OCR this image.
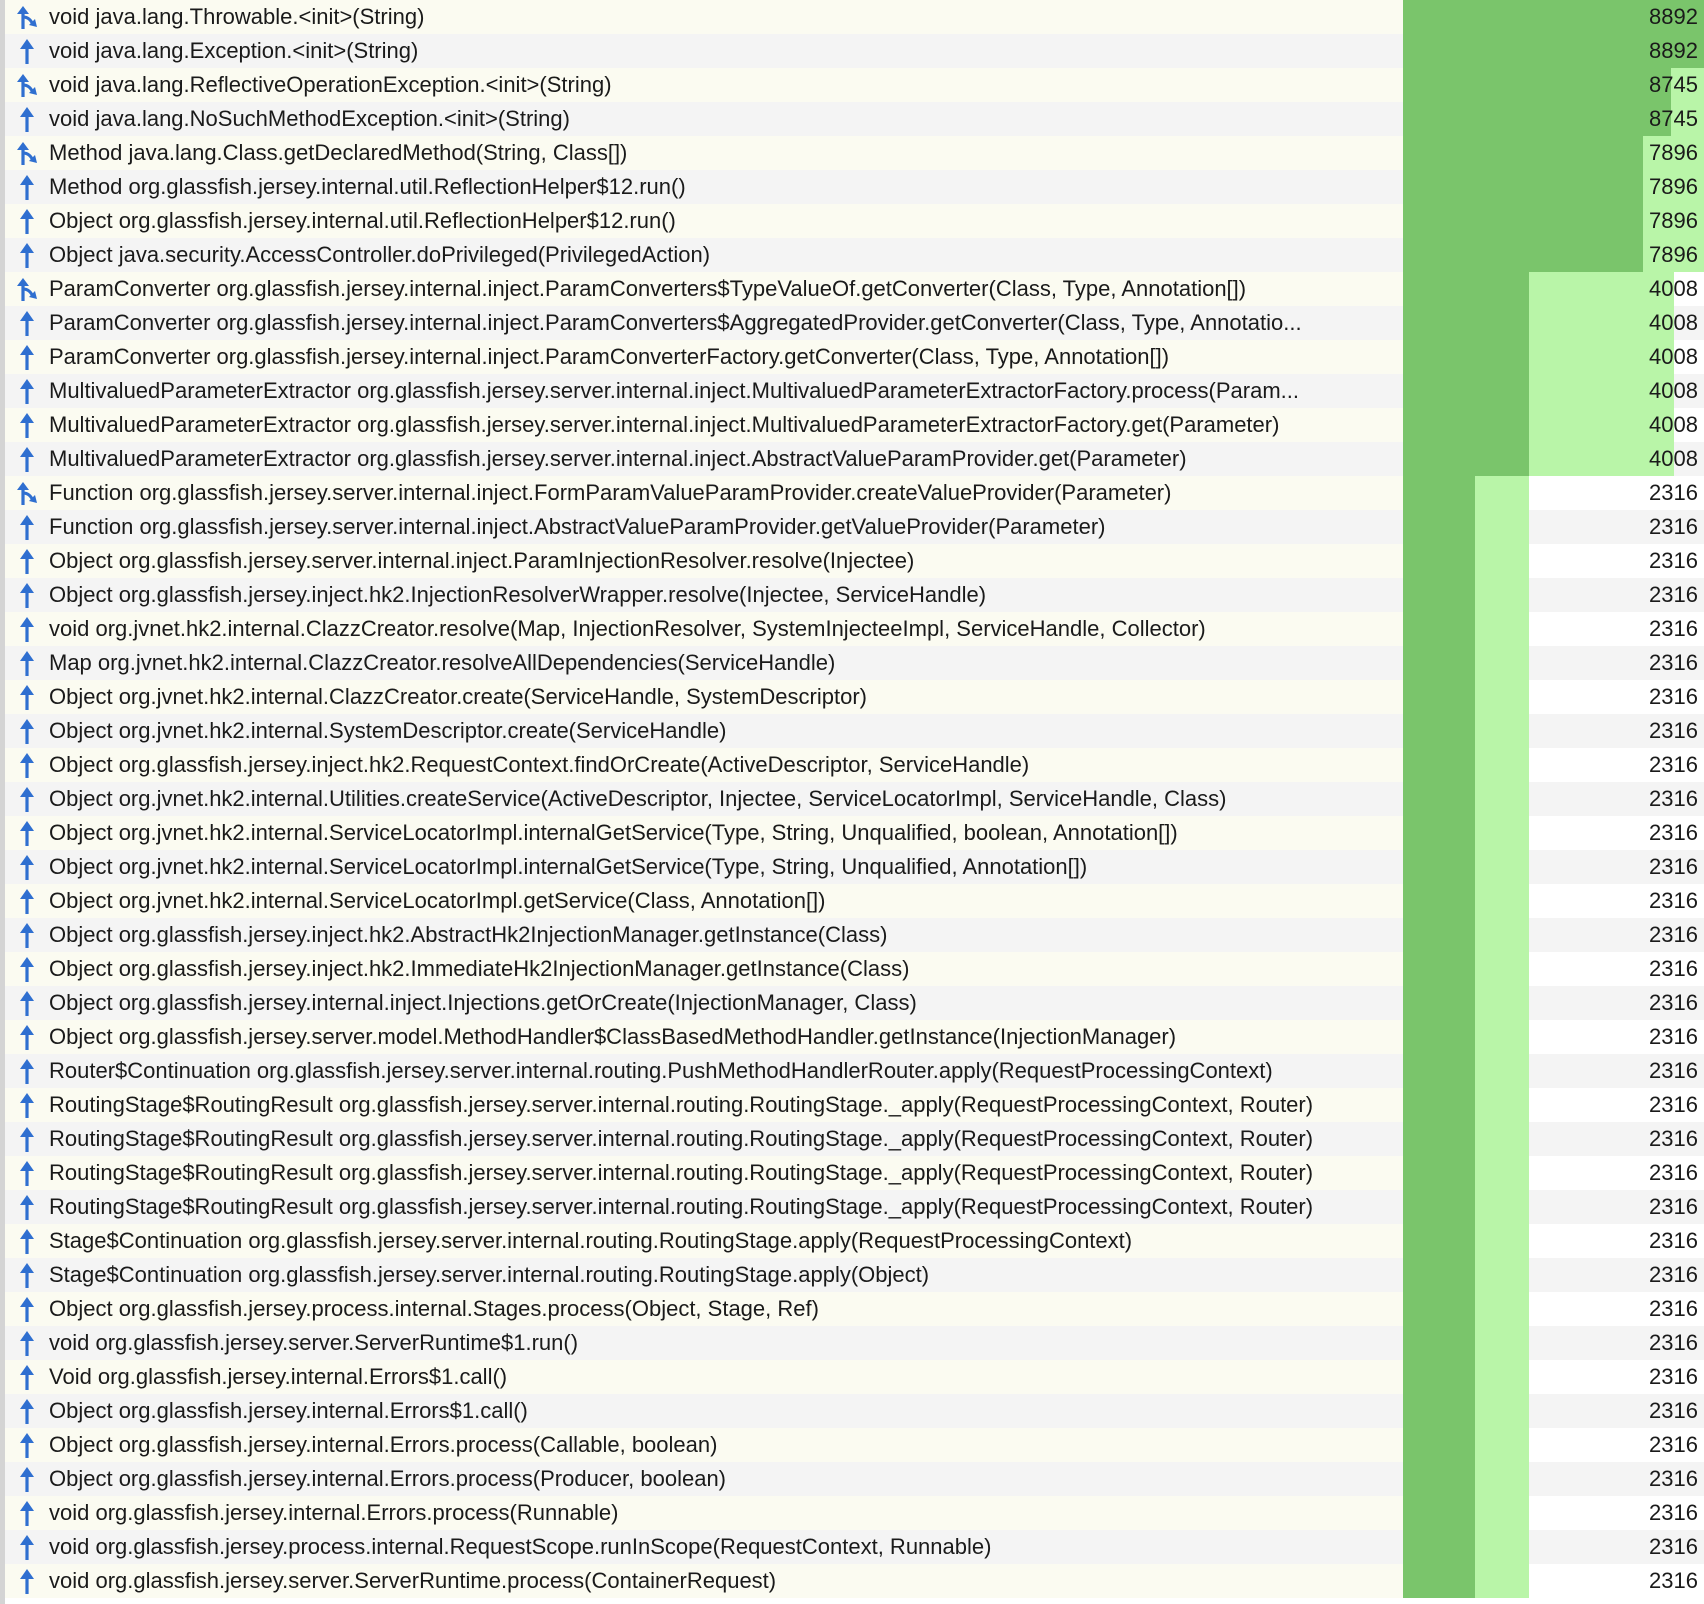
void java.lang.Throwable.<init>(String)	8892
void java.lang.Exception.<init>(String)	8892
void java.lang.ReflectiveOperationException.<init>(String)	8745
void java.lang.NoSuchMethodException.<init>(String)	8745
Method java.lang.Class.getDeclaredMethod(String, Class[])	7896
Method org.glassfish.jersey.internal.util.ReflectionHelper$12.run()	7896
Object org.glassfish.jersey.internal.util.ReflectionHelper$12.run()	7896
Object java.security.AccessController.doPrivileged(PrivilegedAction)	7896
ParamConverter org.glassfish.jersey.internal.inject.ParamConverters$TypeValueOf.getConverter(Class, Type, Annotation[])	4008
ParamConverter org.glassfish.jersey.internal.inject.ParamConverters$AggregatedProvider.getConverter(Class, Type, Annotatio...	4008
ParamConverter org.glassfish.jersey.internal.inject.ParamConverterFactory.getConverter(Class, Type, Annotation[])	4008
MultivaluedParameterExtractor org.glassfish.jersey.server.internal.inject.MultivaluedParameterExtractorFactory.process(Param...	4008
MultivaluedParameterExtractor org.glassfish.jersey.server.internal.inject.MultivaluedParameterExtractorFactory.get(Parameter)	4008
MultivaluedParameterExtractor org.glassfish.jersey.server.internal.inject.AbstractValueParamProvider.get(Parameter)	4008
Function org.glassfish.jersey.server.internal.inject.FormParamValueParamProvider.createValueProvider(Parameter)	2316
Function org.glassfish.jersey.server.internal.inject.AbstractValueParamProvider.getValueProvider(Parameter)	2316
Object org.glassfish.jersey.server.internal.inject.ParamInjectionResolver.resolve(Injectee)	2316
Object org.glassfish.jersey.inject.hk2.InjectionResolverWrapper.resolve(Injectee, ServiceHandle)	2316
void org.jvnet.hk2.internal.ClazzCreator.resolve(Map, InjectionResolver, SystemInjecteeImpl, ServiceHandle, Collector)	2316
Map org.jvnet.hk2.internal.ClazzCreator.resolveAllDependencies(ServiceHandle)	2316
Object org.jvnet.hk2.internal.ClazzCreator.create(ServiceHandle, SystemDescriptor)	2316
Object org.jvnet.hk2.internal.SystemDescriptor.create(ServiceHandle)	2316
Object org.glassfish.jersey.inject.hk2.RequestContext.findOrCreate(ActiveDescriptor, ServiceHandle)	2316
Object org.jvnet.hk2.internal.Utilities.createService(ActiveDescriptor, Injectee, ServiceLocatorImpl, ServiceHandle, Class)	2316
Object org.jvnet.hk2.internal.ServiceLocatorImpl.internalGetService(Type, String, Unqualified, boolean, Annotation[])	2316
Object org.jvnet.hk2.internal.ServiceLocatorImpl.internalGetService(Type, String, Unqualified, Annotation[])	2316
Object org.jvnet.hk2.internal.ServiceLocatorImpl.getService(Class, Annotation[])	2316
Object org.glassfish.jersey.inject.hk2.AbstractHk2InjectionManager.getInstance(Class)	2316
Object org.glassfish.jersey.inject.hk2.ImmediateHk2InjectionManager.getInstance(Class)	2316
Object org.glassfish.jersey.internal.inject.Injections.getOrCreate(InjectionManager, Class)	2316
Object org.glassfish.jersey.server.model.MethodHandler$ClassBasedMethodHandler.getInstance(InjectionManager)	2316
Router$Continuation org.glassfish.jersey.server.internal.routing.PushMethodHandlerRouter.apply(RequestProcessingContext)	2316
RoutingStage$RoutingResult org.glassfish.jersey.server.internal.routing.RoutingStage._apply(RequestProcessingContext, Router)	2316
RoutingStage$RoutingResult org.glassfish.jersey.server.internal.routing.RoutingStage._apply(RequestProcessingContext, Router)	2316
RoutingStage$RoutingResult org.glassfish.jersey.server.internal.routing.RoutingStage._apply(RequestProcessingContext, Router)	2316
RoutingStage$RoutingResult org.glassfish.jersey.server.internal.routing.RoutingStage._apply(RequestProcessingContext, Router)	2316
Stage$Continuation org.glassfish.jersey.server.internal.routing.RoutingStage.apply(RequestProcessingContext)	2316
Stage$Continuation org.glassfish.jersey.server.internal.routing.RoutingStage.apply(Object)	2316
Object org.glassfish.jersey.process.internal.Stages.process(Object, Stage, Ref)	2316
void org.glassfish.jersey.server.ServerRuntime$1.run()	2316
Void org.glassfish.jersey.internal.Errors$1.call()	2316
Object org.glassfish.jersey.internal.Errors$1.call()	2316
Object org.glassfish.jersey.internal.Errors.process(Callable, boolean)	2316
Object org.glassfish.jersey.internal.Errors.process(Producer, boolean)	2316
void org.glassfish.jersey.internal.Errors.process(Runnable)	2316
void org.glassfish.jersey.process.internal.RequestScope.runInScope(RequestContext, Runnable)	2316
void org.glassfish.jersey.server.ServerRuntime.process(ContainerRequest)	2316
